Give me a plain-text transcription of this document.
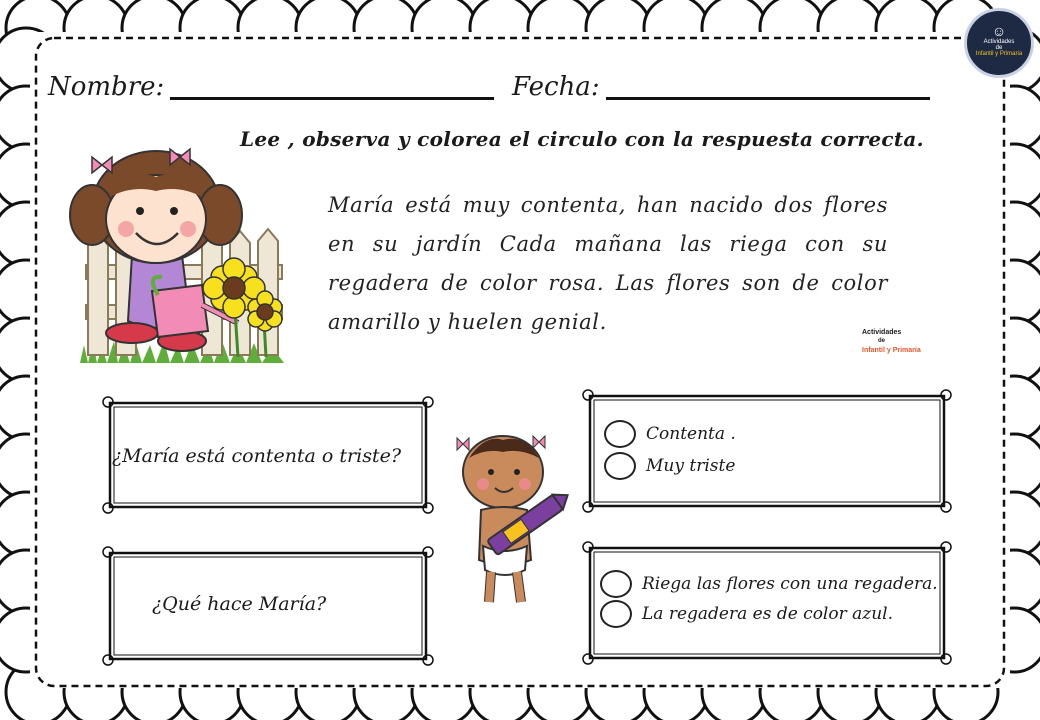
Nombre:	Fecha:
☺
Actividades
de
Infantil y Primaria
Lee , observa y colorea el circulo con la respuesta correcta.
María está muy contenta, han nacido dos flores en su jardín Cada mañana las riega con su regadera de color rosa. Las flores son de color amarillo y huelen genial.	Actividades
de
Infantil y Primaria
¿María está contenta o triste?
¿Qué hace María?
Contenta .
Muy triste
Riega las flores con una regadera.
La regadera es de color azul.
